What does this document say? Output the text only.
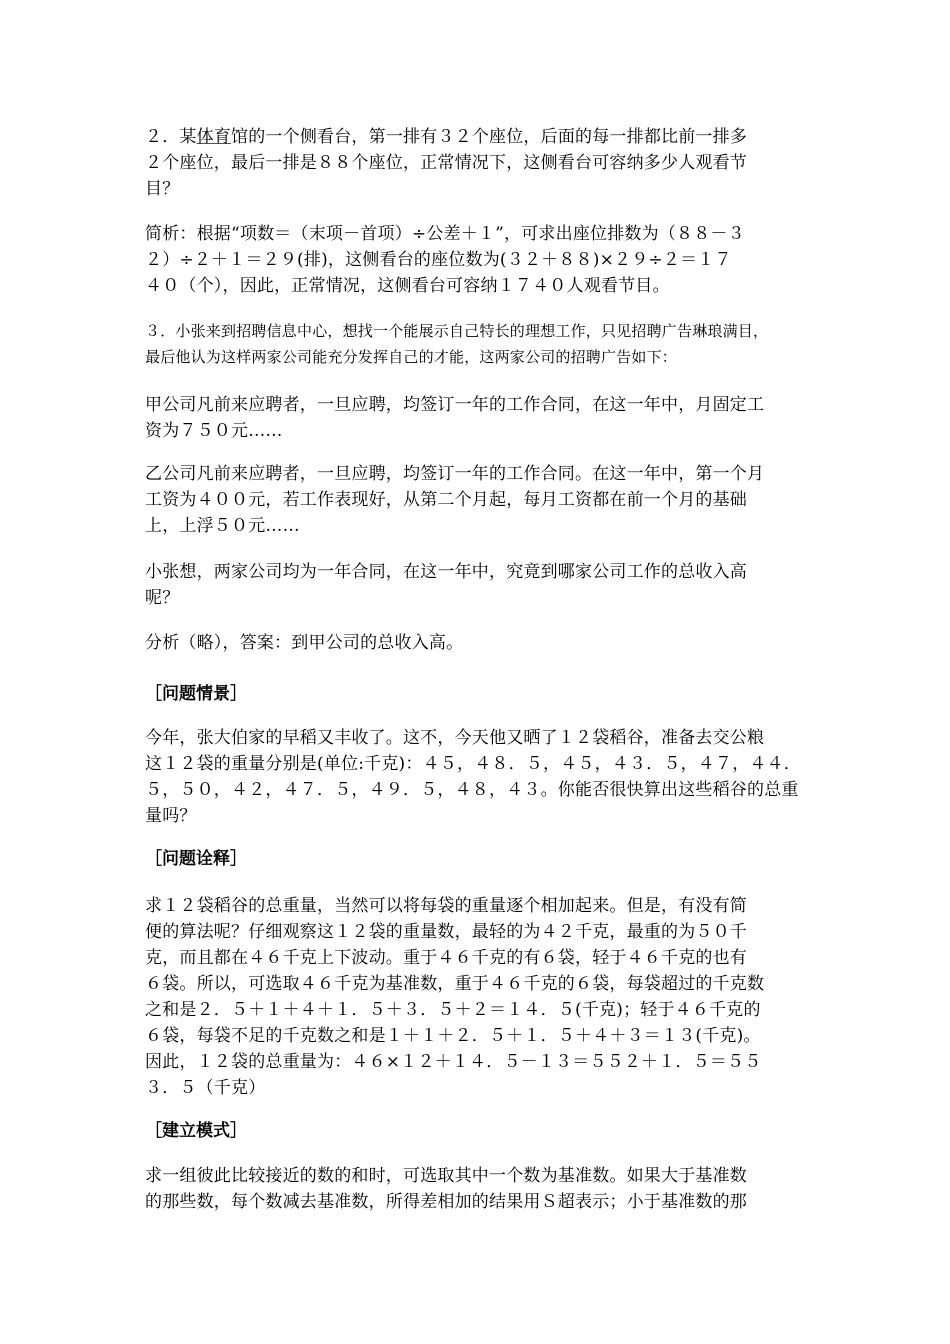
２．某体育馆的一个侧看台，第一排有３２个座位，后面的每一排都比前一排多
２个座位，最后一排是８８个座位，正常情况下，这侧看台可容纳多少人观看节
目？
简析：根据“项数＝（末项－首项）÷公差＋１”，可求出座位排数为（８８－３
２）÷２＋１＝２９(排)，这侧看台的座位数为(３２＋８８)×２９÷２＝１７
４０（个），因此，正常情况，这侧看台可容纳１７４０人观看节目。
３．小张来到招聘信息中心，想找一个能展示自己特长的理想工作，只见招聘广告琳琅满目，
最后他认为这样两家公司能充分发挥自己的才能，这两家公司的招聘广告如下：
甲公司凡前来应聘者，一旦应聘，均签订一年的工作合同，在这一年中，月固定工
资为７５０元……
乙公司凡前来应聘者，一旦应聘，均签订一年的工作合同。在这一年中，第一个月
工资为４００元，若工作表现好，从第二个月起，每月工资都在前一个月的基础
上，上浮５０元……
小张想，两家公司均为一年合同，在这一年中，究竟到哪家公司工作的总收入高
呢？
分析（略），答案：到甲公司的总收入高。
［问题情景］
今年，张大伯家的早稻又丰收了。这不，今天他又晒了１２袋稻谷，准备去交公粮
这１２袋的重量分别是(单位:千克)：４５，４８．５，４５，４３．５，４７，４４．
５，５０，４２，４７．５，４９．５，４８，４３。你能否很快算出这些稻谷的总重
量吗？
［问题诠释］
求１２袋稻谷的总重量，当然可以将每袋的重量逐个相加起来。但是，有没有简
便的算法呢？仔细观察这１２袋的重量数，最轻的为４２千克，最重的为５０千
克，而且都在４６千克上下波动。重于４６千克的有６袋，轻于４６千克的也有
６袋。所以，可选取４６千克为基准数，重于４６千克的６袋，每袋超过的千克数
之和是２．５＋１＋４＋１．５＋３．５＋２＝１４．５(千克)；轻于４６千克的
６袋，每袋不足的千克数之和是１＋１＋２．５＋１．５＋４＋３＝１３(千克)。
因此，１２袋的总重量为：４６×１２＋１４．５－１３＝５５２＋１．５＝５５
３．５（千克）
［建立模式］
求一组彼此比较接近的数的和时，可选取其中一个数为基准数。如果大于基准数
的那些数，每个数减去基准数，所得差相加的结果用Ｓ超表示；小于基准数的那
